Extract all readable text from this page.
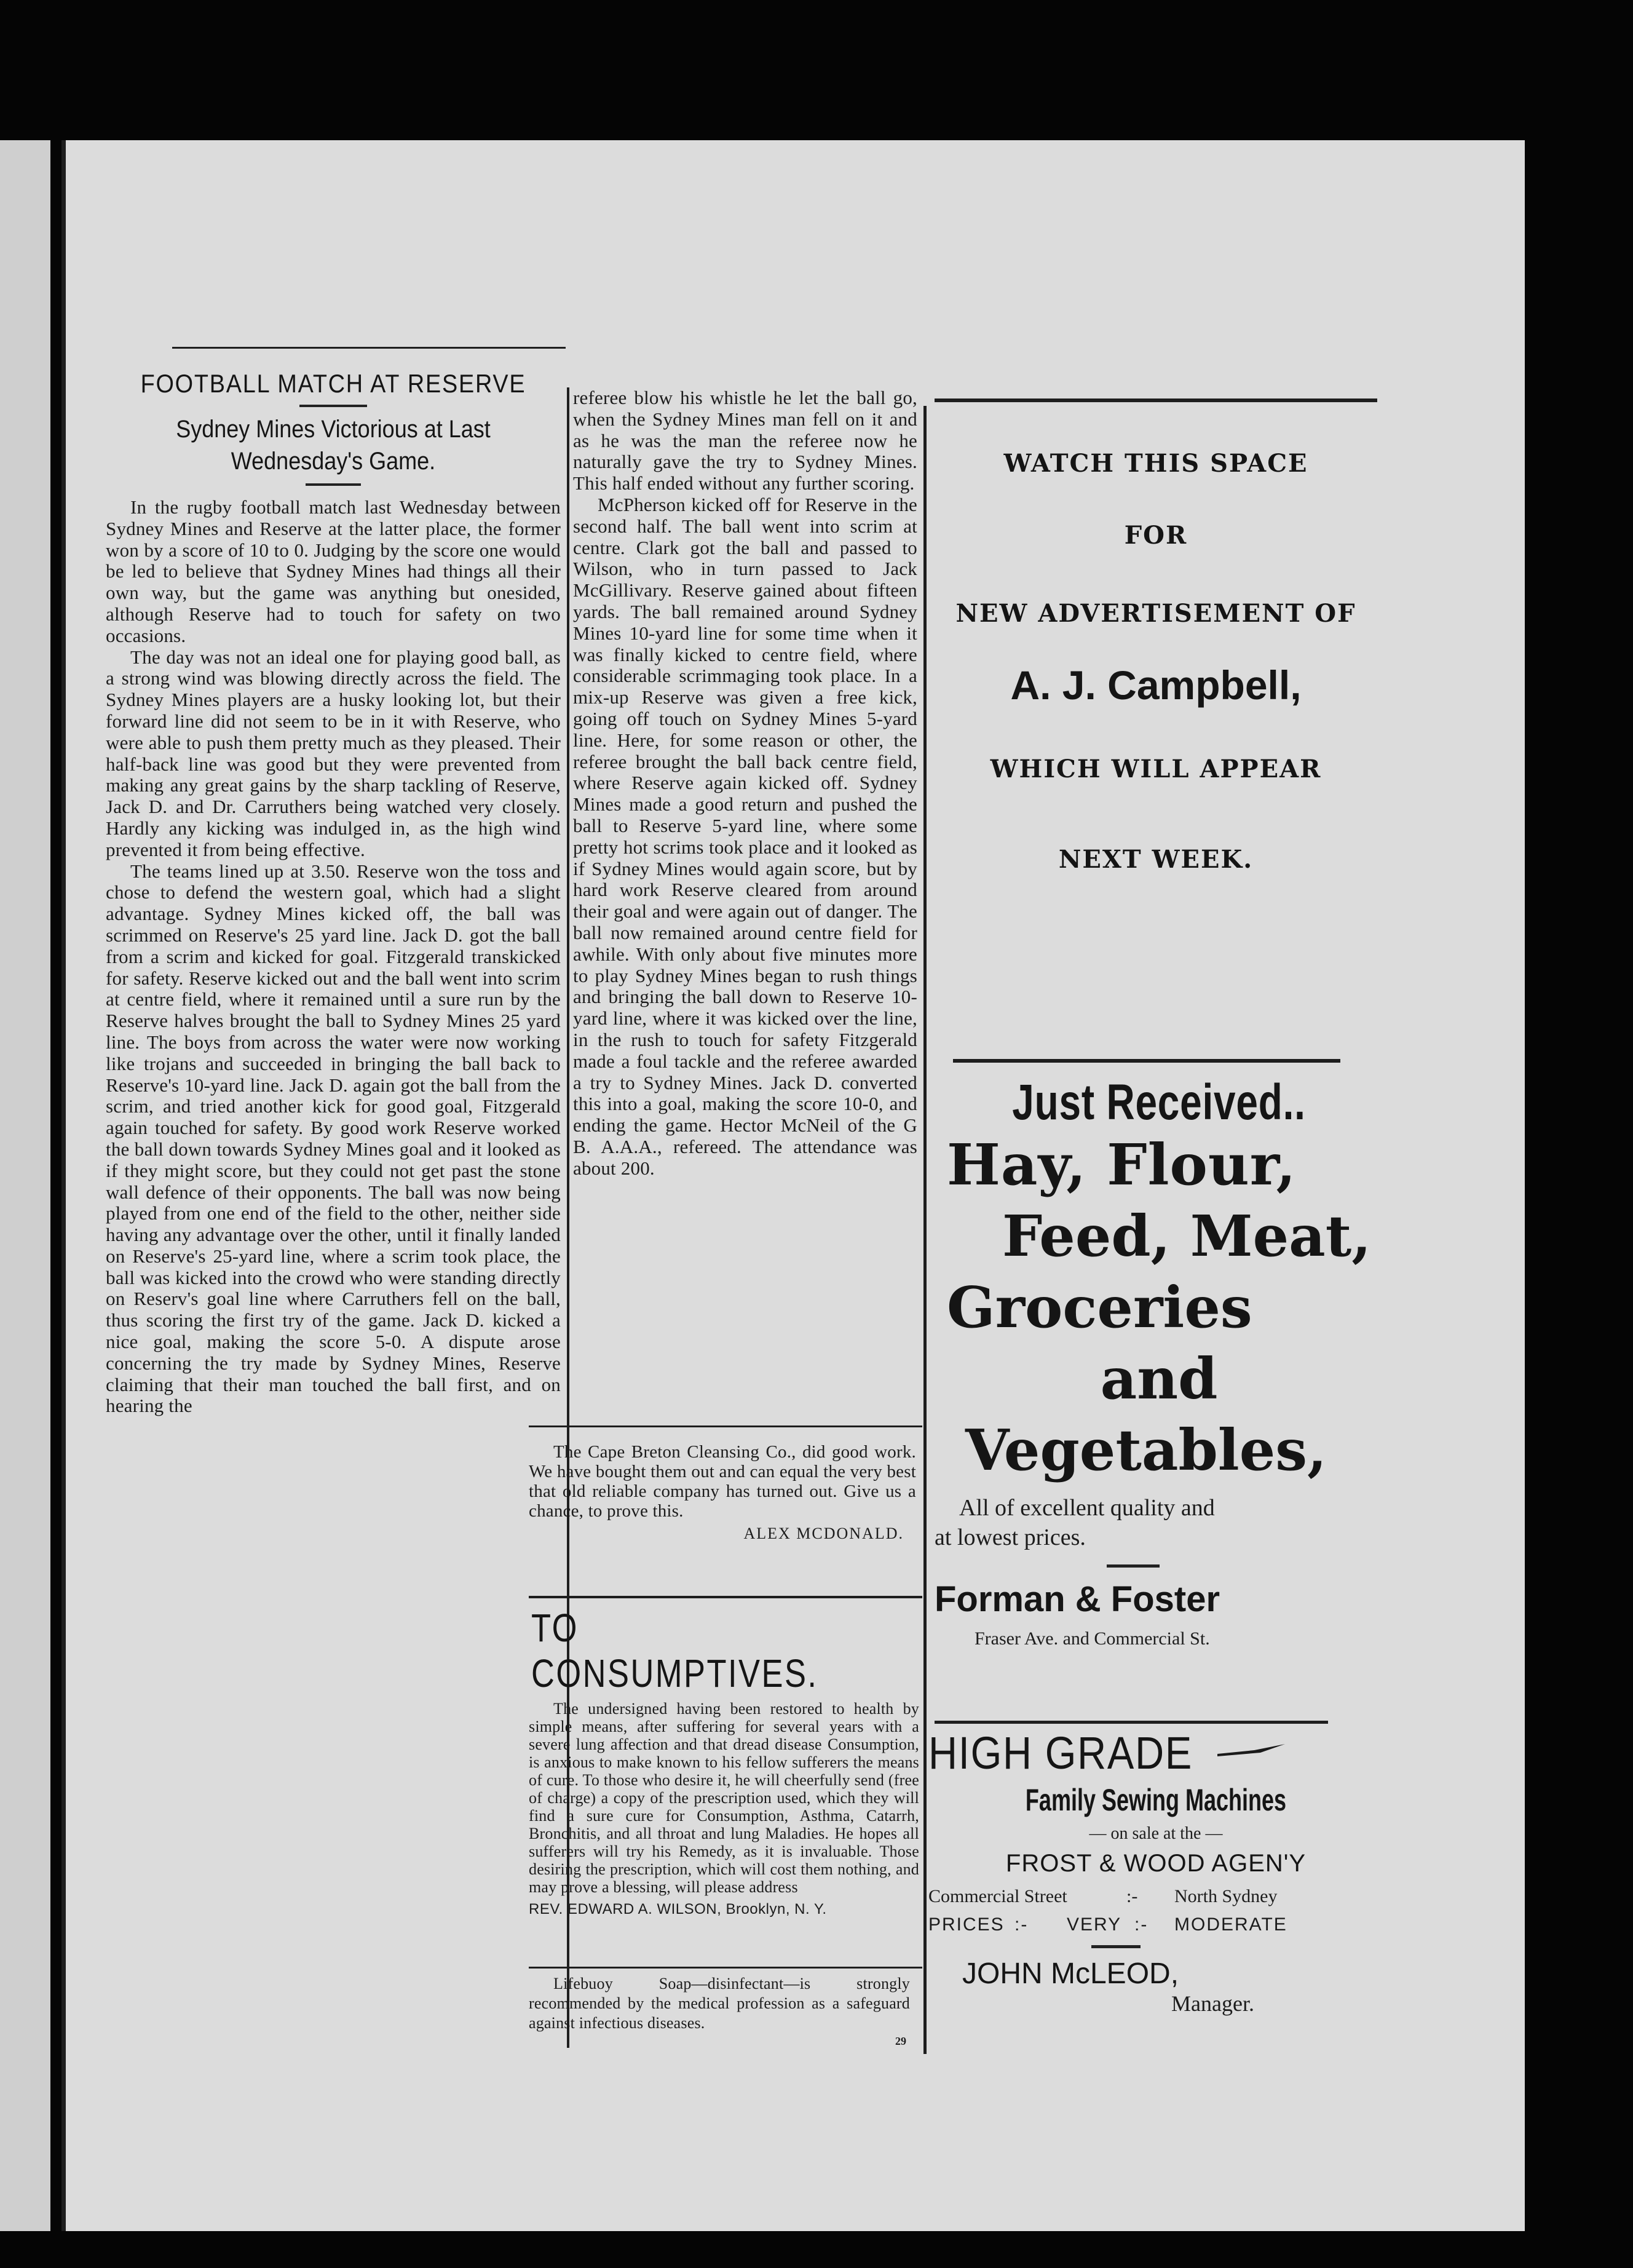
FOOTBALL MATCH AT RESERVE
Sydney Mines Victorious at Last Wednesday's Game.

In the rugby football match last Wednesday between Sydney Mines and Reserve at the latter place, the former won by a score of 10 to 0. Judging by the score one would be led to believe that Sydney Mines had things all their own way, but the game was anything but onesided, although Reserve had to touch for safety on two occasions.

The day was not an ideal one for playing good ball, as a strong wind was blowing directly across the field. The Sydney Mines players are a husky looking lot, but their forward line did not seem to be in it with Reserve, who were able to push them pretty much as they pleased. Their half-back line was good but they were prevented from making any great gains by the sharp tackling of Reserve, Jack D. and Dr. Carruthers being watched very closely. Hardly any kicking was indulged in, as the high wind prevented it from being effective.

The teams lined up at 3.50. Reserve won the toss and chose to defend the western goal, which had a slight advantage. Sydney Mines kicked off, the ball was scrimmed on Reserve's 25 yard line. Jack D. got the ball from a scrim and kicked for goal. Fitzgerald transkicked for safety. Reserve kicked out and the ball went into scrim at centre field, where it remained until a sure run by the Reserve halves brought the ball to Sydney Mines 25 yard line. The boys from across the water were now working like trojans and succeeded in bringing the ball back to Reserve's 10-yard line. Jack D. again got the ball from the scrim, and tried another kick for good goal, Fitzgerald again touched for safety. By good work Reserve worked the ball down towards Sydney Mines goal and it looked as if they might score, but they could not get past the stone wall defence of their opponents. The ball was now being played from one end of the field to the other, neither side having any advantage over the other, until it finally landed on Reserve's 25-yard line, where a scrim took place, the ball was kicked into the crowd who were standing directly on Reserv's goal line where Carruthers fell on the ball, thus scoring the first try of the game. Jack D. kicked a nice goal, making the score 5-0. A dispute arose concerning the try made by Sydney Mines, Reserve claiming that their man touched the ball first, and on hearing the

referee blow his whistle he let the ball go, when the Sydney Mines man fell on it and as he was the man the referee now he naturally gave the try to Sydney Mines. This half ended without any further scoring.

McPherson kicked off for Reserve in the second half. The ball went into scrim at centre. Clark got the ball and passed to Wilson, who in turn passed to Jack McGillivary. Reserve gained about fifteen yards. The ball remained around Sydney Mines 10-yard line for some time when it was finally kicked to centre field, where considerable scrimmaging took place. In a mix-up Reserve was given a free kick, going off touch on Sydney Mines 5-yard line. Here, for some reason or other, the referee brought the ball back centre field, where Reserve again kicked off. Sydney Mines made a good return and pushed the ball to Reserve 5-yard line, where some pretty hot scrims took place and it looked as if Sydney Mines would again score, but by hard work Reserve cleared from around their goal and were again out of danger. The ball now remained around centre field for awhile. With only about five minutes more to play Sydney Mines began to rush things and bringing the ball down to Reserve 10-yard line, where it was kicked over the line, in the rush to touch for safety Fitzgerald made a foul tackle and the referee awarded a try to Sydney Mines. Jack D. converted this into a goal, making the score 10-0, and ending the game. Hector McNeil of the G B. A.A.A., refereed. The attendance was about 200.

The Cape Breton Cleansing Co., did good work. We have bought them out and can equal the very best that old reliable company has turned out. Give us a chance, to prove this.

ALEX MCDONALD.
TO CONSUMPTIVES.

The undersigned having been restored to health by simple means, after suffering for several years with a severe lung affection and that dread disease Consumption, is anxious to make known to his fellow sufferers the means of cure. To those who desire it, he will cheerfully send (free of charge) a copy of the prescription used, which they will find a sure cure for Consumption, Asthma, Catarrh, Bronchitis, and all throat and lung Maladies. He hopes all sufferers will try his Remedy, as it is invaluable. Those desiring the prescription, which will cost them nothing, and may prove a blessing, will please address

REV. EDWARD A. WILSON, Brooklyn, N. Y.

Lifebuoy Soap—disinfectant—is strongly recommended by the medical profession as a safeguard against infectious diseases.

29
WATCH THIS SPACE
FOR
NEW ADVERTISEMENT OF
A. J. Campbell,
WHICH WILL APPEAR
NEXT WEEK.
Just Received..
Hay, Flour,
Feed, Meat,
Groceries
and
Vegetables,
All of excellent quality and
at lowest prices.
Forman & Foster
Fraser Ave. and Commercial St.
HIGH GRADE
Family Sewing Machines
— on sale at the —
FROST & WOOD AGEN'Y
Commercial Street	:- North Sydney
PRICES :- VERY :- MODERATE
JOHN McLEOD,
Manager.
